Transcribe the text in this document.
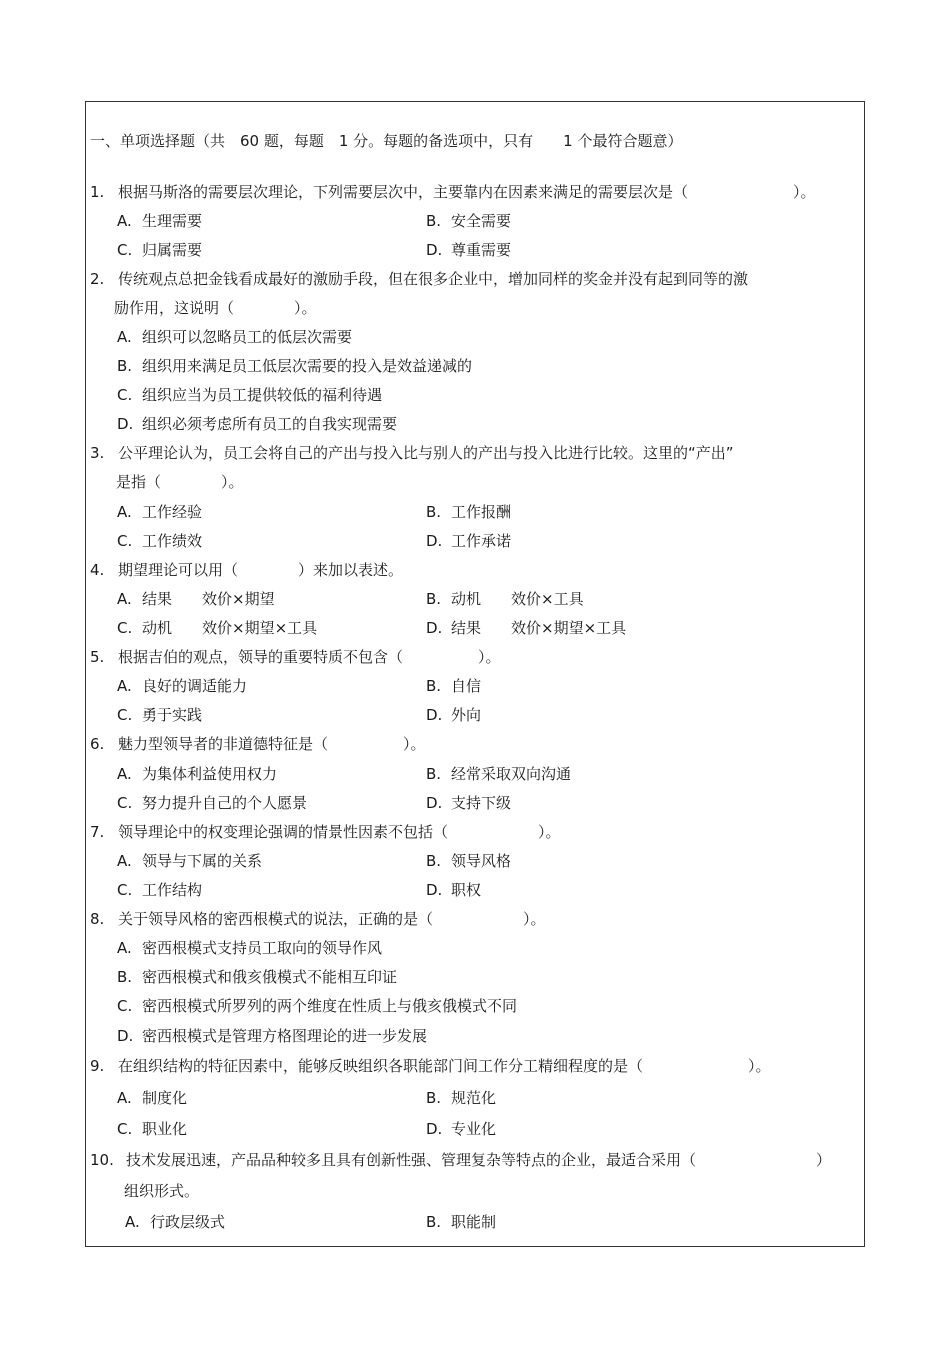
一、单项选择题（共　60 题，每题　1 分。每题的备选项中，只有　　1 个最符合题意）
1. 根据马斯洛的需要层次理论，下列需要层次中，主要靠内在因素来满足的需要层次是（　　　　　　　）。
A. 生理需要	B. 安全需要
C. 归属需要	D. 尊重需要
2. 传统观点总把金钱看成最好的激励手段，但在很多企业中，增加同样的奖金并没有起到同等的激
励作用，这说明（　　　　）。
A. 组织可以忽略员工的低层次需要
B. 组织用来满足员工低层次需要的投入是效益递减的
C. 组织应当为员工提供较低的福利待遇
D. 组织必须考虑所有员工的自我实现需要
3. 公平理论认为，员工会将自己的产出与投入比与别人的产出与投入比进行比较。这里的“产出”
是指（　　　　）。
A. 工作经验	B. 工作报酬
C. 工作绩效	D. 工作承诺
4. 期望理论可以用（　　　　）来加以表述。
A. 结果　　效价×期望	B. 动机　　效价×工具
C. 动机　　效价×期望×工具	D. 结果　　效价×期望×工具
5. 根据吉伯的观点，领导的重要特质不包含（　　　　　）。
A. 良好的调适能力	B. 自信
C. 勇于实践	D. 外向
6. 魅力型领导者的非道德特征是（　　　　　）。
A. 为集体利益使用权力	B. 经常采取双向沟通
C. 努力提升自己的个人愿景	D. 支持下级
7. 领导理论中的权变理论强调的情景性因素不包括（　　　　　　）。
A. 领导与下属的关系	B. 领导风格
C. 工作结构	D. 职权
8. 关于领导风格的密西根模式的说法，正确的是（　　　　　　）。
A. 密西根模式支持员工取向的领导作风
B. 密西根模式和俄亥俄模式不能相互印证
C. 密西根模式所罗列的两个维度在性质上与俄亥俄模式不同
D. 密西根模式是管理方格图理论的进一步发展
9. 在组织结构的特征因素中，能够反映组织各职能部门间工作分工精细程度的是（　　　　　　　）。
A. 制度化	B. 规范化
C. 职业化	D. 专业化
10. 技术发展迅速，产品品种较多且具有创新性强、管理复杂等特点的企业，最适合采用（　　　　　　　　）
组织形式。
A. 行政层级式	B. 职能制
